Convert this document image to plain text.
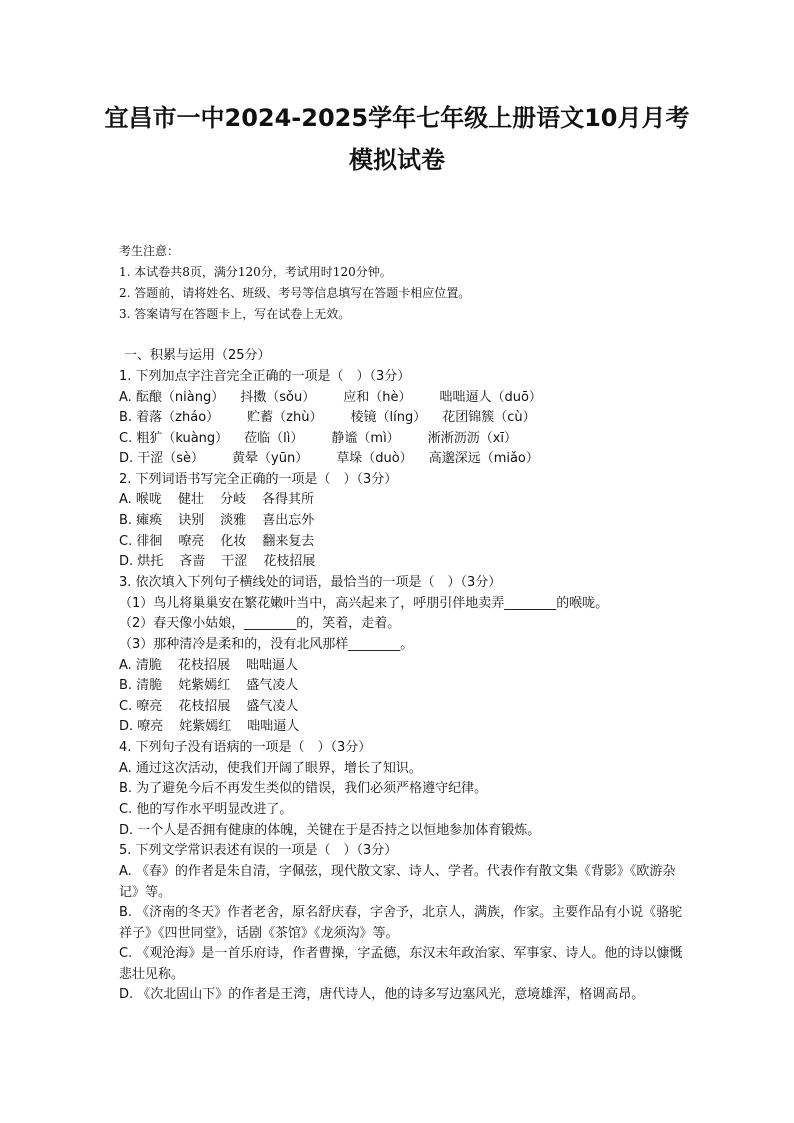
宜昌市一中2024-2025学年七年级上册语文10月月考
模拟试卷
考生注意：
1. 本试卷共8页，满分120分，考试用时120分钟。
2. 答题前，请将姓名、班级、考号等信息填写在答题卡相应位置。
3. 答案请写在答题卡上，写在试卷上无效。
一、积累与运用（25分）
1. 下列加点字注音完全正确的一项是（　）（3分）
A. 酝酿（niàng） 抖擞（sǒu） 应和（hè） 咄咄逼人（duō）
B. 着落（zháo） 贮蓄（zhù） 棱镜（líng） 花团锦簇（cù）
C. 粗犷（kuàng） 莅临（lì） 静谧（mì） 淅淅沥沥（xī）
D. 干涩（sè） 黄晕（yūn） 草垛（duò） 高邈深远（miǎo）
2. 下列词语书写完全正确的一项是（　）（3分）
A. 喉咙 健壮 分岐 各得其所
B. 瘫痪 诀别 淡雅 喜出忘外
C. 徘徊 嘹亮 化妆 翻来复去
D. 烘托 吝啬 干涩 花枝招展
3. 依次填入下列句子横线处的词语，最恰当的一项是（　）（3分）
（1）鸟儿将巢巢安在繁花嫩叶当中，高兴起来了，呼朋引伴地卖弄________的喉咙。
（2）春天像小姑娘，________的，笑着，走着。
（3）那种清冷是柔和的，没有北风那样________。
A. 清脆 花枝招展 咄咄逼人
B. 清脆 姹紫嫣红 盛气凌人
C. 嘹亮 花枝招展 盛气凌人
D. 嘹亮 姹紫嫣红 咄咄逼人
4. 下列句子没有语病的一项是（　）（3分）
A. 通过这次活动，使我们开阔了眼界，增长了知识。
B. 为了避免今后不再发生类似的错误，我们必须严格遵守纪律。
C. 他的写作水平明显改进了。
D. 一个人是否拥有健康的体魄，关键在于是否持之以恒地参加体育锻炼。
5. 下列文学常识表述有误的一项是（　）（3分）
A. 《春》的作者是朱自清，字佩弦，现代散文家、诗人、学者。代表作有散文集《背影》《欧游杂记》等。
B. 《济南的冬天》作者老舍，原名舒庆春，字舍予，北京人，满族，作家。主要作品有小说《骆驼祥子》《四世同堂》，话剧《茶馆》《龙须沟》等。
C. 《观沧海》是一首乐府诗，作者曹操，字孟德，东汉末年政治家、军事家、诗人。他的诗以慷慨悲壮见称。
D. 《次北固山下》的作者是王湾，唐代诗人，他的诗多写边塞风光，意境雄浑，格调高昂。
